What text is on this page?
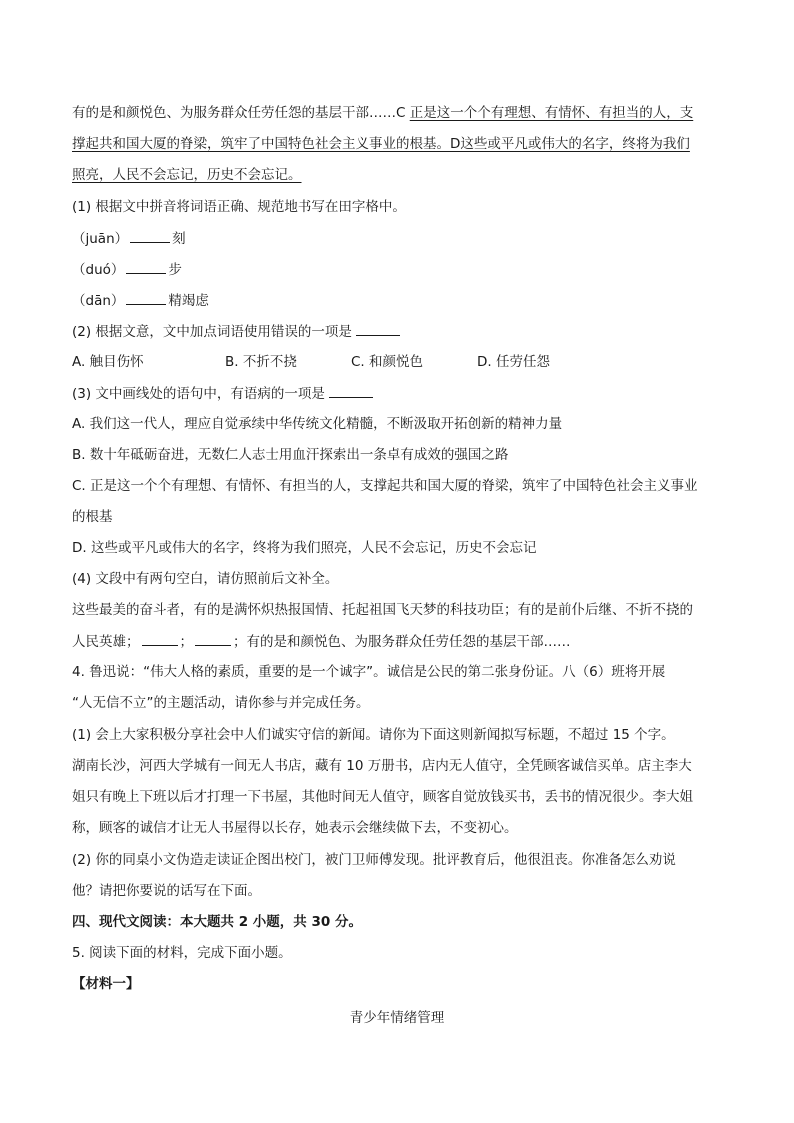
有的是和颜悦色、为服务群众任劳任怨的基层干部……C 正是这一个个有理想、有情怀、有担当的人，支
撑起共和国大厦的脊梁，筑牢了中国特色社会主义事业的根基。D这些或平凡或伟大的名字，终将为我们
照亮，人民不会忘记，历史不会忘记。
(1) 根据文中拼音将词语正确、规范地书写在田字格中。
（juān）	刻
（duó）	步
（dān）	精竭虑
(2) 根据文意，文中加点词语使用错误的一项是
A. 触目伤怀	B. 不折不挠	C. 和颜悦色	D. 任劳任怨
(3) 文中画线处的语句中，有语病的一项是
A. 我们这一代人，理应自觉承续中华传统文化精髓，不断汲取开拓创新的精神力量
B. 数十年砥砺奋进，无数仁人志士用血汗探索出一条卓有成效的强国之路
C. 正是这一个个有理想、有情怀、有担当的人，支撑起共和国大厦的脊梁，筑牢了中国特色社会主义事业
的根基
D. 这些或平凡或伟大的名字，终将为我们照亮，人民不会忘记，历史不会忘记
(4) 文段中有两句空白，请仿照前后文补全。
这些最美的奋斗者，有的是满怀炽热报国情、托起祖国飞天梦的科技功臣；有的是前仆后继、不折不挠的
人民英雄；	；	；有的是和颜悦色、为服务群众任劳任怨的基层干部……
4. 鲁迅说：“伟大人格的素质，重要的是一个诚字”。诚信是公民的第二张身份证。八（6）班将开展
“人无信不立”的主题活动，请你参与并完成任务。
(1) 会上大家积极分享社会中人们诚实守信的新闻。请你为下面这则新闻拟写标题，不超过 15 个字。
湖南长沙，河西大学城有一间无人书店，藏有 10 万册书，店内无人值守，全凭顾客诚信买单。店主李大
姐只有晚上下班以后才打理一下书屋，其他时间无人值守，顾客自觉放钱买书，丢书的情况很少。李大姐
称，顾客的诚信才让无人书屋得以长存，她表示会继续做下去，不变初心。
(2) 你的同桌小文伪造走读证企图出校门，被门卫师傅发现。批评教育后，他很沮丧。你准备怎么劝说
他？请把你要说的话写在下面。
四、现代文阅读：本大题共 2 小题，共 30 分。
5. 阅读下面的材料，完成下面小题。
【材料一】
青少年情绪管理
